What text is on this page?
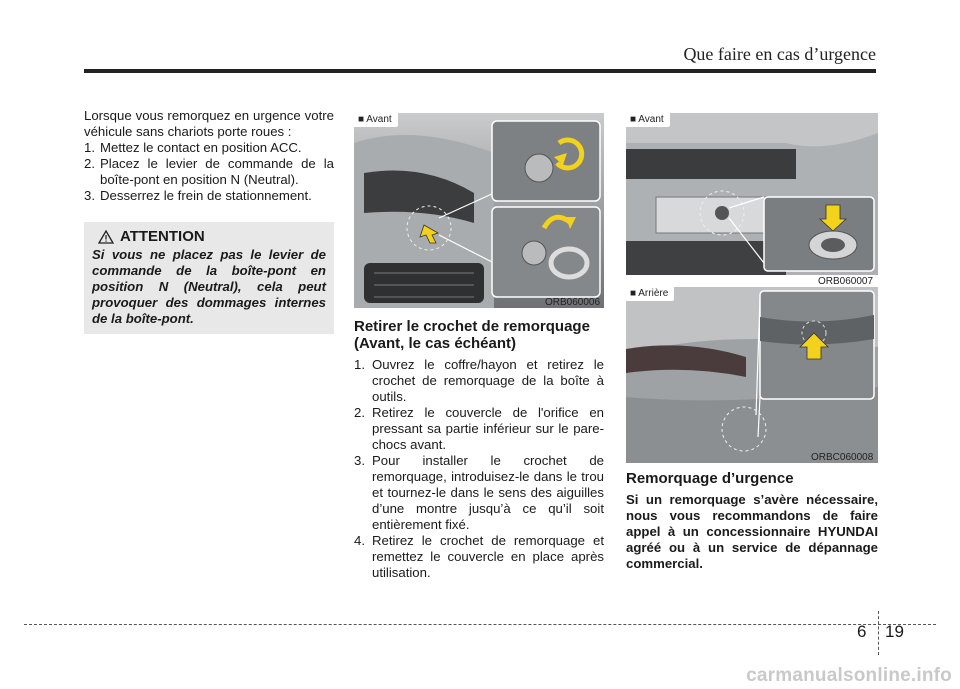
Que faire en cas d’urgence

Lorsque vous remorquez en urgence votre véhicule sans chariots porte roues :

1. Mettez le contact en position ACC.
2. Placez le levier de commande de la boîte-pont en position N (Neutral).
3. Desserrez le frein de stationnement.
ATTENTION
Si vous ne placez pas le levier de commande de la boîte-pont en position N (Neutral), cela peut provoquer des dommages internes de la boîte-pont.
■ Avant
ORB060006
■ Avant
ORB060007
■ Arrière
ORBC060008
Retirer le crochet de remorquage (Avant, le cas échéant)
1. Ouvrez le coffre/hayon et retirez le crochet de remorquage de la boîte à outils.
2. Retirez le couvercle de l'orifice en pressant sa partie inférieur sur le pare-chocs avant.
3. Pour installer le crochet de remorquage, introduisez-le dans le trou et tournez-le dans le sens des aiguilles d’une montre jusqu’à ce qu’il soit entièrement fixé.
4. Retirez le crochet de remorquage et remettez le couvercle en place après utilisation.
Remorquage d’urgence

Si un remorquage s’avère nécessaire, nous vous recommandons de faire appel à un concessionnaire HYUNDAI agréé ou à un service de dépannage commercial.

6 19
carmanualsonline.info
